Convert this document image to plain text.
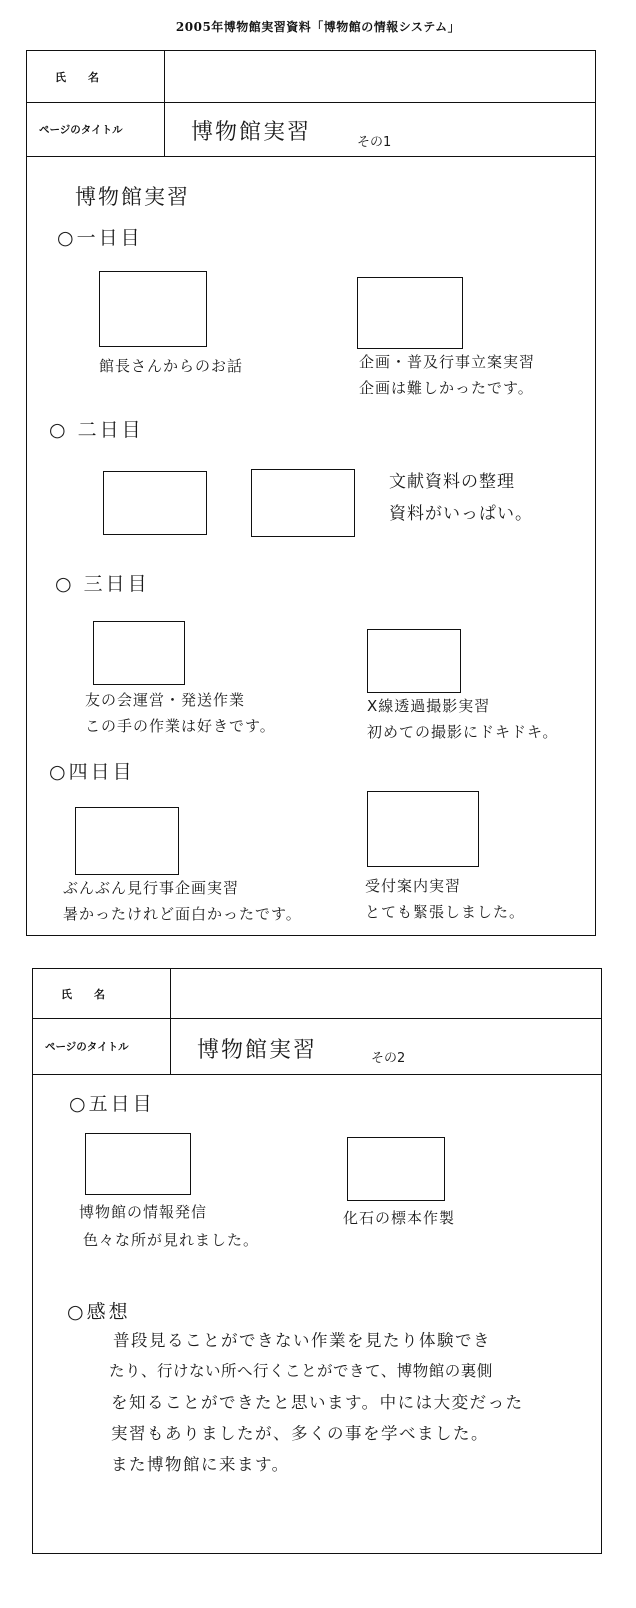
2005年博物館実習資料「博物館の情報システム」
氏　　名
ページのタイトル	博物館実習	その1
博物館実習
○一日目
館長さんからのお話	企画・普及行事立案実習
企画は難しかったです。
○ 二日目
文献資料の整理
資料がいっぱい。
○ 三日目
友の会運営・発送作業
この手の作業は好きです。
X線透過撮影実習
初めての撮影にドキドキ。
○四日目
ぶんぶん見行事企画実習
暑かったけれど面白かったです。
受付案内実習
とても緊張しました。
氏　　名
ページのタイトル	博物館実習	その2
○五日目
博物館の情報発信
色々な所が見れました。
化石の標本作製
○感想
普段見ることができない作業を見たり体験でき
たり、行けない所へ行くことができて、博物館の裏側
を知ることができたと思います。中には大変だった
実習もありましたが、多くの事を学べました。
また博物館に来ます。
